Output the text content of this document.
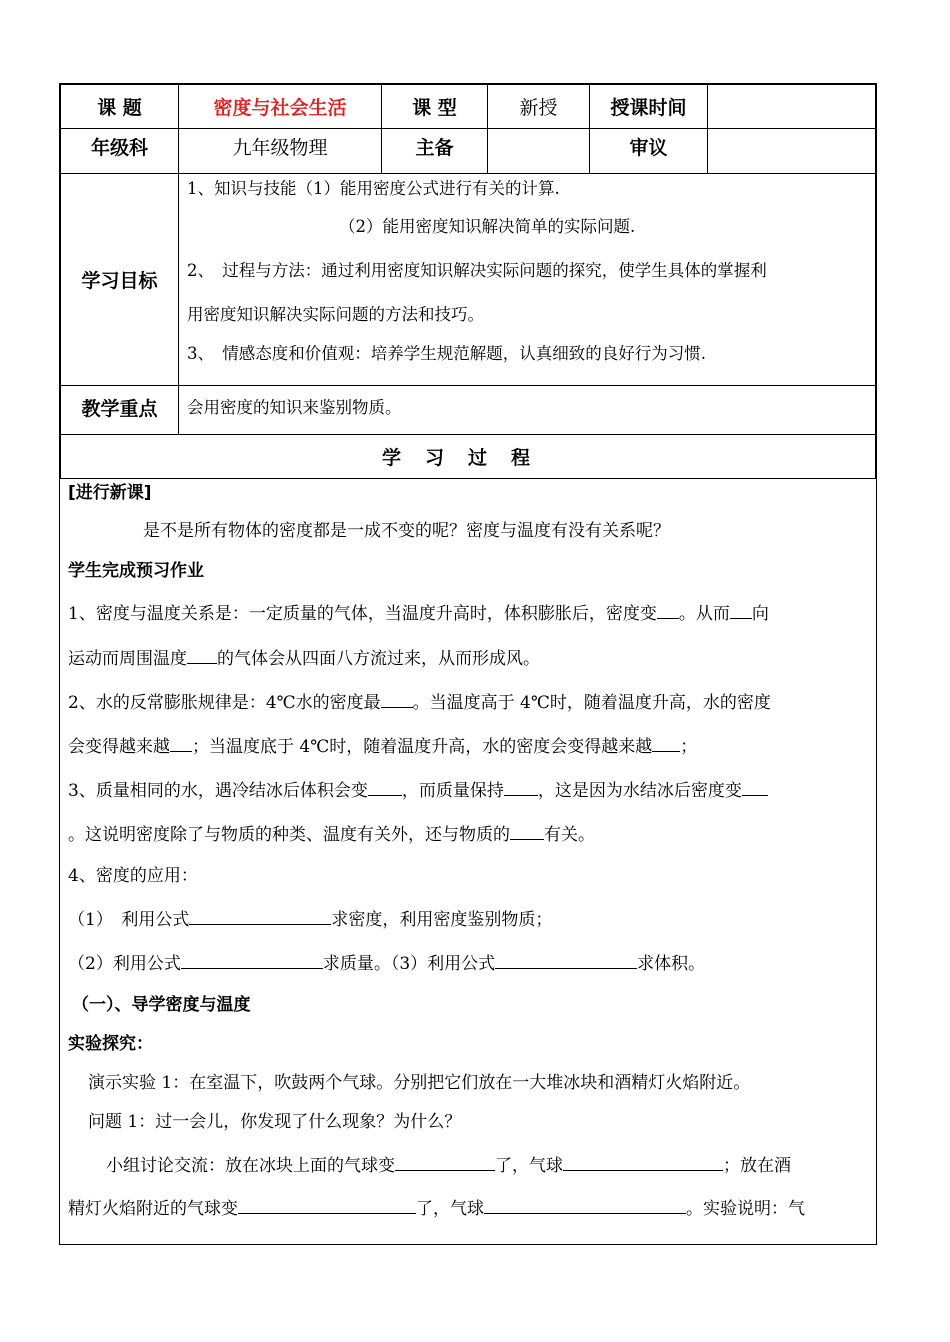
课 题	密度与社会生活	课 型	新授	授课时间	
年级科	九年级物理	主备		审议	
学习目标	1、知识与技能（1）能用密度公式进行有关的计算.

（2）能用密度知识解决简单的实际问题.

2、　过程与方法：通过利用密度知识解决实际问题的探究，使学生具体的掌握利

用密度知识解决实际问题的方法和技巧。

3、　情感态度和价值观：培养学生规范解题，认真细致的良好行为习惯.				

教学重点	会用密度的知识来鉴别物质。				
学习过程					

[进行新课]

是不是所有物体的密度都是一成不变的呢？密度与温度有没有关系呢？

学生完成预习作业

1、密度与温度关系是：一定质量的气体，当温度升高时，体积膨胀后，密度变 。从而 向

运动而周围温度 的气体会从四面八方流过来，从而形成风。

2、水的反常膨胀规律是：4℃水的密度最 。当温度高于 4℃时，随着温度升高，水的密度

会变得越来越 ；当温度底于 4℃时，随着温度升高，水的密度会变得越来越 ；

3、质量相同的水，遇冷结冰后体积会变 ，而质量保持 ，这是因为水结冰后密度变

。这说明密度除了与物质的种类、温度有关外，还与物质的 有关。

4、密度的应用：

（1）　利用公式	求密度，利用密度鉴别物质；

（2）利用公式	求质量。（3）利用公式	求体积。

（一）、导学密度与温度

实验探究：

演示实验 1：在室温下，吹鼓两个气球。分别把它们放在一大堆冰块和酒精灯火焰附近。

问题 1：过一会儿，你发现了什么现象？为什么？

小组讨论交流：放在冰块上面的气球变	了，气球	；放在酒

精灯火焰附近的气球变	了，气球	。实验说明：气
